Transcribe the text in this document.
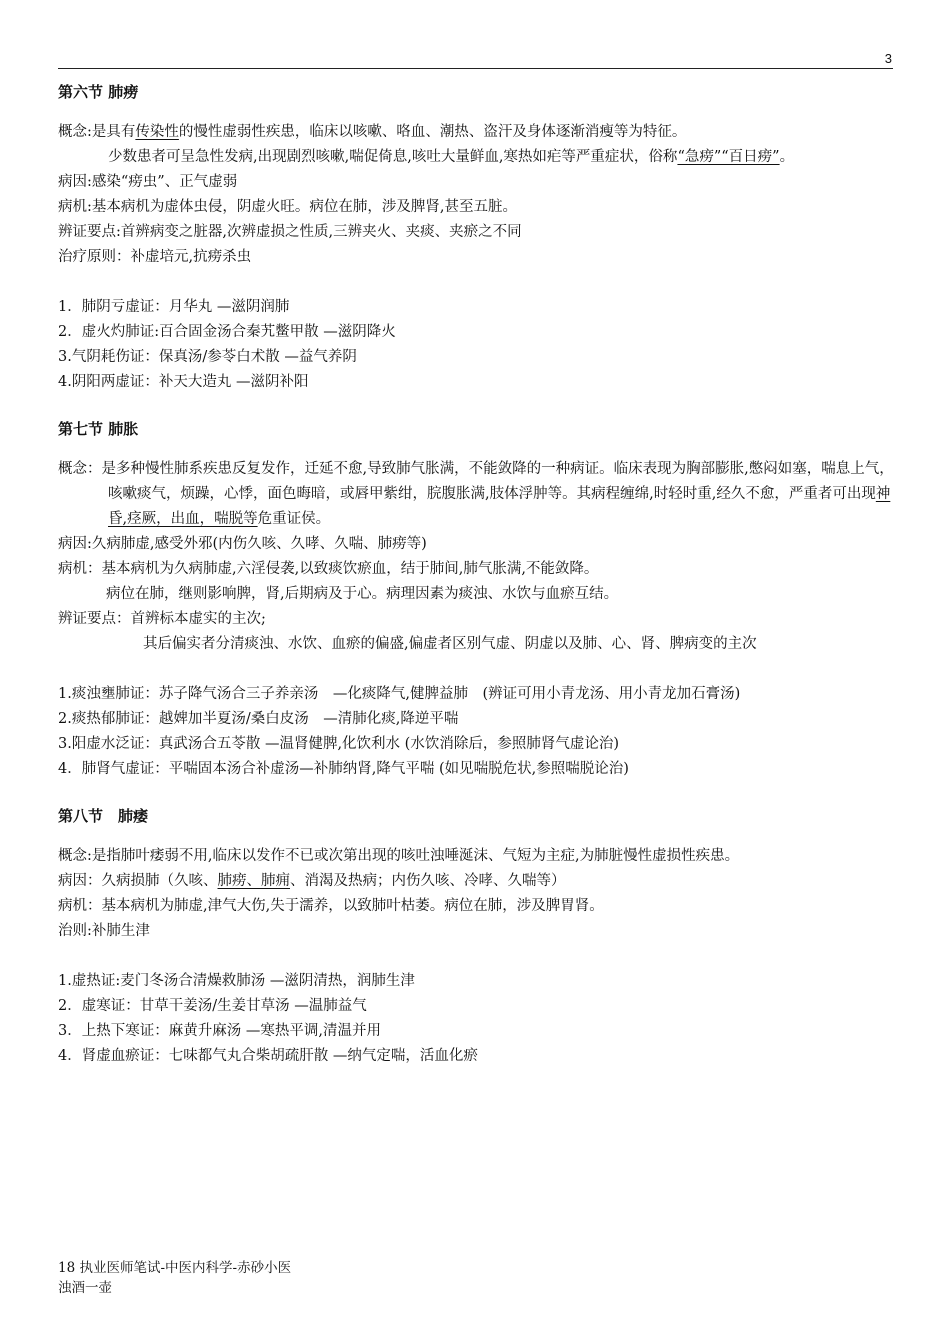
3
第六节 肺痨
概念:是具有传染性的慢性虚弱性疾患，临床以咳嗽、咯血、潮热、盗汗及身体逐渐消瘦等为特征。
少数患者可呈急性发病,出现剧烈咳嗽,喘促倚息,咳吐大量鲜血,寒热如疟等严重症状，俗称“急痨”“百日痨”。
病因:感染“痨虫”、正气虚弱
病机:基本病机为虚体虫侵，阴虚火旺。病位在肺，涉及脾肾,甚至五脏。
辨证要点:首辨病变之脏器,次辨虚损之性质,三辨夹火、夹痰、夹瘀之不同
治疗原则：补虚培元,抗痨杀虫
1．肺阴亏虚证：月华丸 —滋阴润肺
2．虚火灼肺证:百合固金汤合秦艽鳖甲散 —滋阴降火
3.气阴耗伤证：保真汤/参苓白术散 —益气养阴
4.阴阳两虚证：补天大造丸 —滋阴补阳
第七节 肺胀
概念：是多种慢性肺系疾患反复发作，迁延不愈,导致肺气胀满，不能敛降的一种病证。临床表现为胸部膨胀,憋闷如塞，喘息上气，咳嗽痰气，烦躁，心悸，面色晦暗，或唇甲紫绀，脘腹胀满,肢体浮肿等。其病程缠绵,时轻时重,经久不愈，严重者可出现神昏,痉厥，出血，喘脱等危重证侯。
病因:久病肺虚,感受外邪(内伤久咳、久哮、久喘、肺痨等)
病机：基本病机为久病肺虚,六淫侵袭,以致痰饮瘀血，结于肺间,肺气胀满,不能敛降。
病位在肺，继则影响脾，肾,后期病及于心。病理因素为痰浊、水饮与血瘀互结。
辨证要点：首辨标本虚实的主次;
其后偏实者分清痰浊、水饮、血瘀的偏盛,偏虚者区别气虚、阴虚以及肺、心、肾、脾病变的主次
1.痰浊壅肺证：苏子降气汤合三子养亲汤　—化痰降气,健脾益肺　(辨证可用小青龙汤、用小青龙加石膏汤)
2.痰热郁肺证：越婢加半夏汤/桑白皮汤　—清肺化痰,降逆平喘
3.阳虚水泛证：真武汤合五苓散 —温肾健脾,化饮利水 (水饮消除后，参照肺肾气虚论治)
4．肺肾气虚证：平喘固本汤合补虚汤—补肺纳肾,降气平喘 (如见喘脱危状,参照喘脱论治)
第八节　肺痿
概念:是指肺叶痿弱不用,临床以发作不已或次第出现的咳吐浊唾涎沫、气短为主症,为肺脏慢性虚损性疾患。
病因：久病损肺（久咳、肺痨、肺痈、消渴及热病；内伤久咳、冷哮、久喘等）
病机：基本病机为肺虚,津气大伤,失于濡养，以致肺叶枯萎。病位在肺，涉及脾胃肾。
治则:补肺生津
1.虚热证:麦门冬汤合清燥救肺汤 —滋阴清热，润肺生津
2．虚寒证：甘草干姜汤/生姜甘草汤 —温肺益气
3．上热下寒证：麻黄升麻汤 —寒热平调,清温并用
4．肾虚血瘀证：七味都气丸合柴胡疏肝散 —纳气定喘，活血化瘀
18 执业医师笔试-中医内科学-赤砂小医
浊酒一壶
